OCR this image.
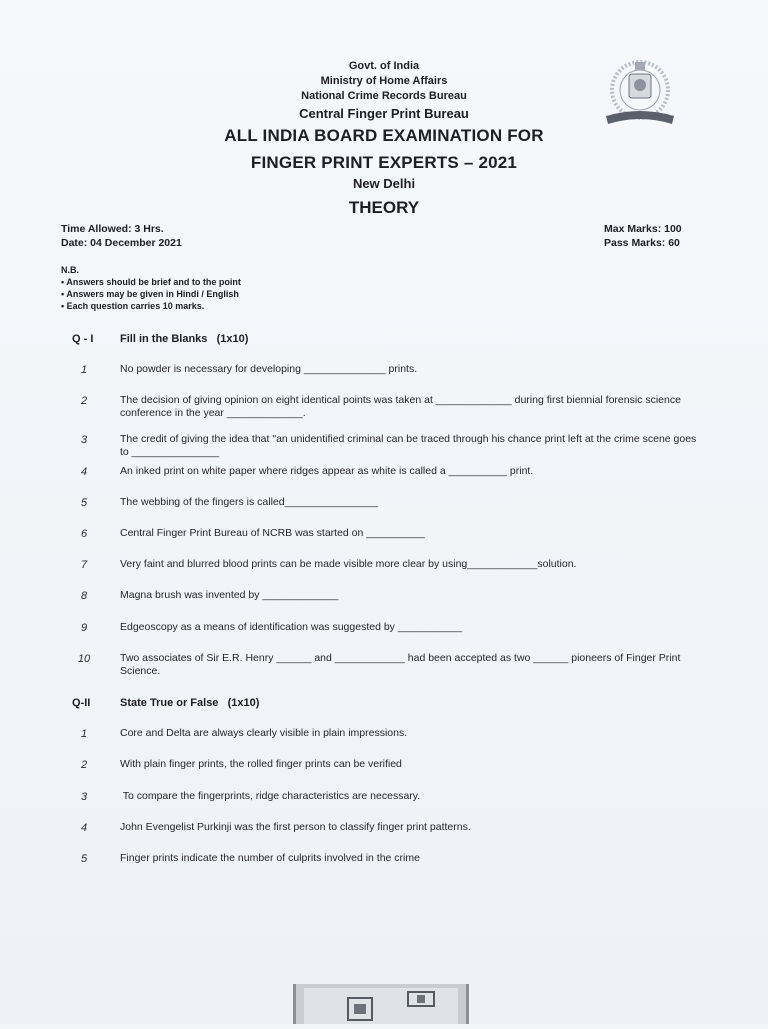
Govt. of India
Ministry of Home Affairs
National Crime Records Bureau
Central Finger Print Bureau
ALL INDIA BOARD EXAMINATION FOR
FINGER PRINT EXPERTS – 2021
New Delhi
THEORY
Time Allowed: 3 Hrs.
Date: 04 December 2021
Max Marks: 100
Pass Marks: 60
N.B.
• Answers should be brief and to the point
• Answers may be given in Hindi / English
• Each question carries 10 marks.
Q - I Fill in the Blanks   (1x10)
1	No powder is necessary for developing ______________ prints.
2	The decision of giving opinion on eight identical points was taken at _____________ during first biennial forensic science conference in the year _____________.
3	The credit of giving the idea that "an unidentified criminal can be traced through his chance print left at the crime scene goes to _______________
4	An inked print on white paper where ridges appear as white is called a __________ print.
5	The webbing of the fingers is called________________
6	Central Finger Print Bureau of NCRB was started on __________
7	Very faint and blurred blood prints can be made visible more clear by using____________solution.
8	Magna brush was invented by _____________
9	Edgeoscopy as a means of identification was suggested by ___________
10	Two associates of Sir E.R. Henry ______ and ____________ had been accepted as two ______ pioneers of Finger Print Science.
Q-II	State True or False   (1x10)
1	Core and Delta are always clearly visible in plain impressions.
2	With plain finger prints, the rolled finger prints can be verified
3	To compare the fingerprints, ridge characteristics are necessary.
4	John Evengelist Purkinji was the first person to classify finger print patterns.
5	Finger prints indicate the number of culprits involved in the crime
